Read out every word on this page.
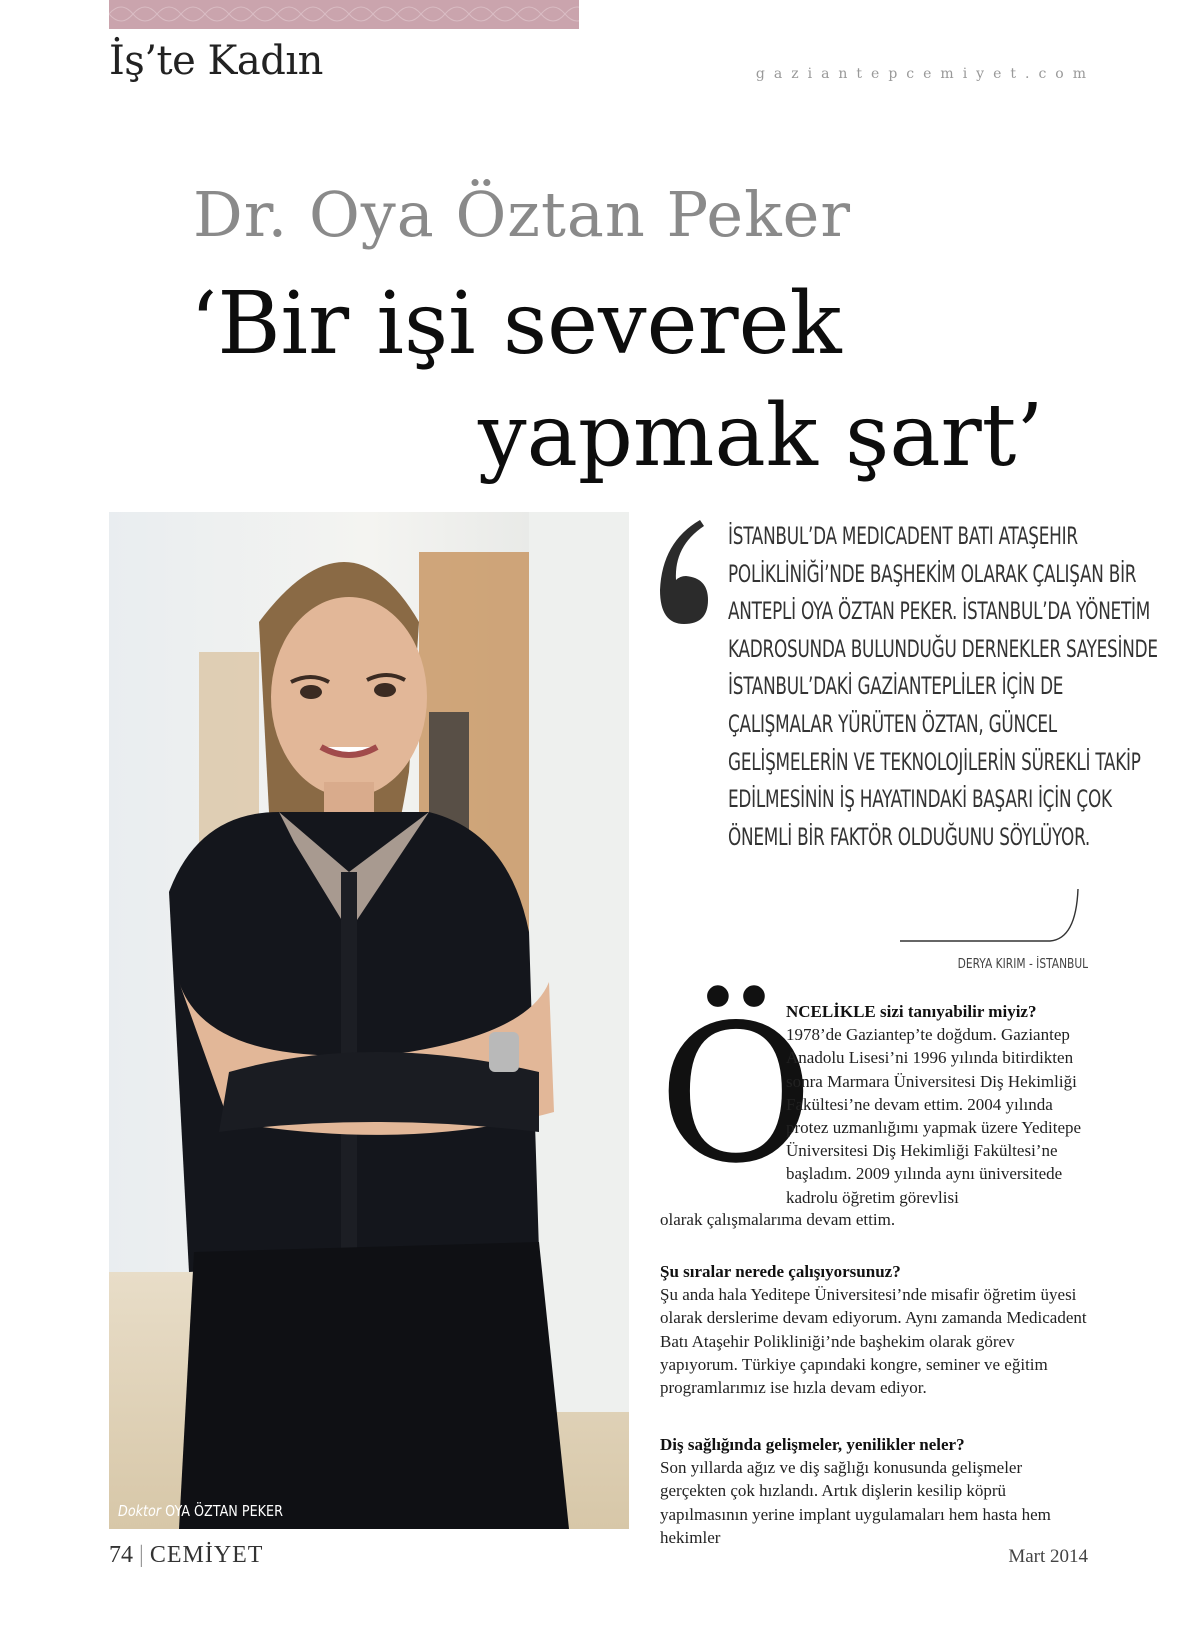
İş’te Kadın	gaziantepcemiyet.com
Dr. Oya Öztan Peker
‘Bir işi severek
yapmak şart’
Doktor OYA ÖZTAN PEKER
İSTANBUL’DA MEDICADENT BATI ATAŞEHIR POLİKLİNİĞİ’NDE BAŞHEKİM OLARAK ÇALIŞAN BİR ANTEPLİ OYA ÖZTAN PEKER. İSTANBUL’DA YÖNETİM KADROSUNDA BULUNDUĞU DERNEKLER SAYESİNDE İSTANBUL’DAKİ GAZİANTEPLİLER İÇİN DE ÇALIŞMALAR YÜRÜTEN ÖZTAN, GÜNCEL GELİŞMELERİN VE TEKNOLOJİLERİN SÜREKLİ TAKİP EDİLMESİNİN İŞ HAYATINDAKİ BAŞARI İÇİN ÇOK ÖNEMLİ BİR FAKTÖR OLDUĞUNU SÖYLÜYOR.
DERYA KIRIM - İSTANBUL
Ö

NCELİKLE sizi tanıyabilir miyiz?

1978’de Gaziantep’te doğdum. Gaziantep Anadolu Lisesi’ni 1996 yılında bitirdikten sonra Marmara Üniversitesi Diş Hekimliği Fakültesi’ne devam ettim. 2004 yılında protez uzmanlığımı yapmak üzere Yeditepe Üniversitesi Diş Hekimliği Fakültesi’ne başladım. 2009 yılında aynı üniversitede kadrolu öğretim görevlisi

olarak çalışmalarıma devam ettim.

Şu sıralar nerede çalışıyorsunuz?

Şu anda hala Yeditepe Üniversitesi’nde misafir öğretim üyesi olarak derslerime devam ediyorum. Aynı zamanda Medicadent Batı Ataşehir Polikliniği’nde başhekim olarak görev yapıyorum. Türkiye çapındaki kongre, seminer ve eğitim programlarımız ise hızla devam ediyor.

Diş sağlığında gelişmeler, yenilikler neler?

Son yıllarda ağız ve diş sağlığı konusunda gelişmeler gerçekten çok hızlandı. Artık dişlerin kesilip köprü yapılmasının yerine implant uygulamaları hem hasta hem hekimler

74 | CEMİYET	Mart 2014
